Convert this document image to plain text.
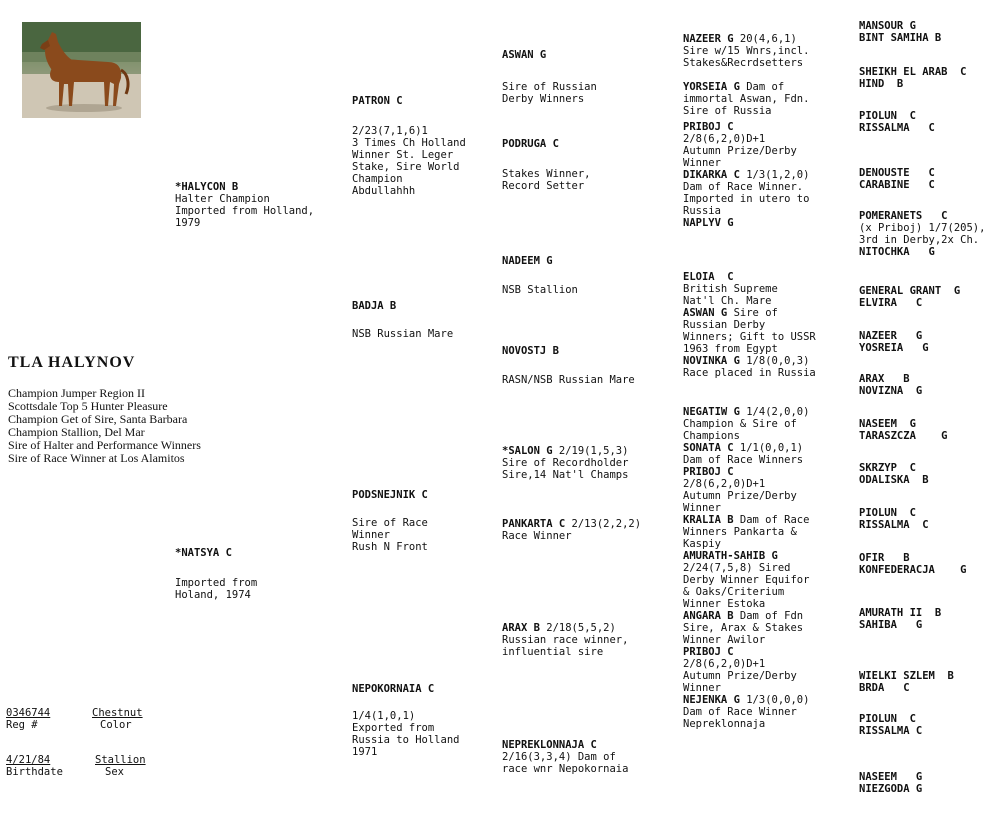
TLA HALYNOV
Champion Jumper Region II
Scottsdale Top 5 Hunter Pleasure
Champion Get of Sire, Santa Barbara
Champion Stallion, Del Mar
Sire of Halter and Performance Winners
Sire of Race Winner at Los Alamitos
0346744
Reg #
Chestnut
Color
4/21/84
Birthdate
Stallion
Sex
*HALYCON B
Halter Champion
Imported from Holland,
1979
*NATSYA C
Imported from
Holand, 1974
PATRON C
2/23(7,1,6)1
3 Times Ch Holland
Winner St. Leger
Stake, Sire World
Champion
Abdullahhh
BADJA B
NSB Russian Mare
PODSNEJNIK C
Sire of Race
Winner
Rush N Front
NEPOKORNAIA C
1/4(1,0,1)
Exported from
Russia to Holland
1971
ASWAN G
Sire of Russian
Derby Winners
PODRUGA C
Stakes Winner,
Record Setter
NADEEM G
NSB Stallion
NOVOSTJ B
RASN/NSB Russian Mare
*SALON G 2/19(1,5,3)
Sire of Recordholder
Sire,14 Nat'l Champs
PANKARTA C 2/13(2,2,2)
Race Winner
ARAX B 2/18(5,5,2)
Russian race winner,
influential sire
NEPREKLONNAJA C
2/16(3,3,4) Dam of
race wnr Nepokornaia
NAZEER G 20(4,6,1)
Sire w/15 Wnrs,incl.
Stakes&Recrdsetters
YORSEIA G Dam of
immortal Aswan, Fdn.
Sire of Russia
PRIBOJ C
2/8(6,2,0)D+1
Autumn Prize/Derby
Winner
DIKARKA C 1/3(1,2,0)
Dam of Race Winner.
Imported in utero to
Russia
NAPLYV G
ELOIA  C
British Supreme
Nat'l Ch. Mare
ASWAN G Sire of
Russian Derby
Winners; Gift to USSR
1963 from Egypt
NOVINKA G 1/8(0,0,3)
Race placed in Russia
NEGATIW G 1/4(2,0,0)
Champion & Sire of
Champions
SONATA C 1/1(0,0,1)
Dam of Race Winners
PRIBOJ C
2/8(6,2,0)D+1
Autumn Prize/Derby
Winner
KRALIA B Dam of Race
Winners Pankarta &
Kaspiy
AMURATH-SAHIB G
2/24(7,5,8) Sired
Derby Winner Equifor
& Oaks/Criterium
Winner Estoka
ANGARA B Dam of Fdn
Sire, Arax & Stakes
Winner Awilor
PRIBOJ C
2/8(6,2,0)D+1
Autumn Prize/Derby
Winner
NEJENKA G 1/3(0,0,0)
Dam of Race Winner
Nepreklonnaja
MANSOUR G
BINT SAMIHA B
SHEIKH EL ARAB  C
HIND  B
PIOLUN  C
RISSALMA   C
DENOUSTE   C
CARABINE   C
POMERANETS   C
(x Priboj) 1/7(205),
3rd in Derby,2x Ch.
NITOCHKA   G
GENERAL GRANT  G
ELVIRA   C
NAZEER   G
YOSREIA   G
ARAX   B
NOVIZNA  G
NASEEM  G
TARASZCZA    G
SKRZYP  C
ODALISKA  B
PIOLUN  C
RISSALMA  C
OFIR   B
KONFEDERACJA    G
AMURATH II  B
SAHIBA   G
WIELKI SZLEM  B
BRDA   C
PIOLUN  C
RISSALMA C
NASEEM   G
NIEZGODA G
